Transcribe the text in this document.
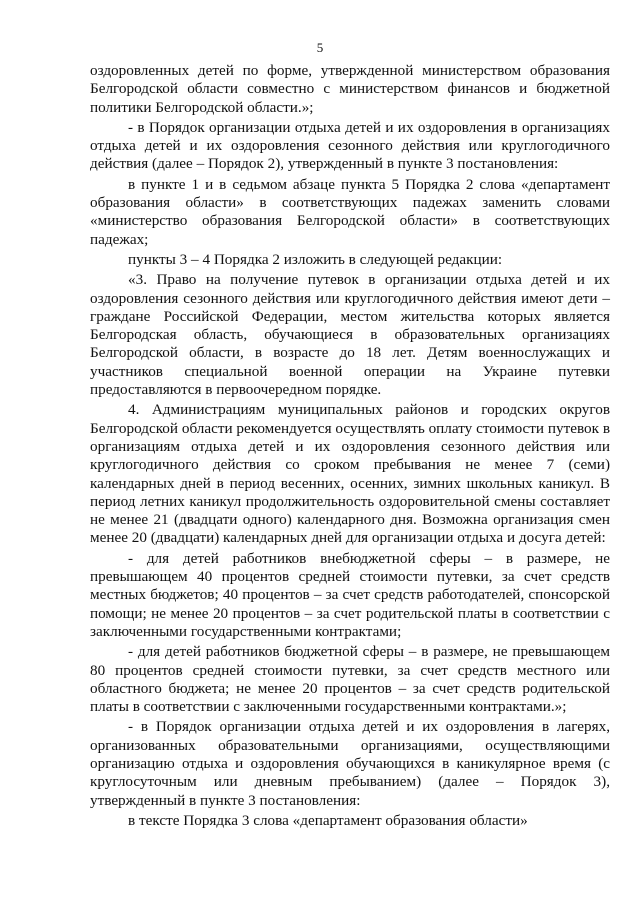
5

оздоровленных детей по форме, утвержденной министерством образования Белгородской области совместно с министерством финансов и бюджетной политики Белгородской области.»;

- в Порядок организации отдыха детей и их оздоровления в организациях отдыха детей и их оздоровления сезонного действия или круглогодичного действия (далее – Порядок 2), утвержденный в пункте 3 постановления:

в пункте 1 и в седьмом абзаце пункта 5 Порядка 2 слова «департамент образования области» в соответствующих падежах заменить словами «министерство образования Белгородской области» в соответствующих падежах;

пункты 3 – 4 Порядка 2 изложить в следующей редакции:

«3. Право на получение путевок в организации отдыха детей и их оздоровления сезонного действия или круглогодичного действия имеют дети – граждане Российской Федерации, местом жительства которых является Белгородская область, обучающиеся в образовательных организациях Белгородской области, в возрасте до 18 лет. Детям военнослужащих и участников специальной военной операции на Украине путевки предоставляются в первоочередном порядке.

4. Администрациям муниципальных районов и городских округов Белгородской области рекомендуется осуществлять оплату стоимости путевок в организациям отдыха детей и их оздоровления сезонного действия или круглогодичного действия со сроком пребывания не менее 7 (семи) календарных дней в период весенних, осенних, зимних школьных каникул. В период летних каникул продолжительность оздоровительной смены составляет не менее 21 (двадцати одного) календарного дня. Возможна организация смен менее 20 (двадцати) календарных дней для организации отдыха и досуга детей:

- для детей работников внебюджетной сферы – в размере, не превышающем 40 процентов средней стоимости путевки, за счет средств местных бюджетов; 40 процентов – за счет средств работодателей, спонсорской помощи; не менее 20 процентов – за счет родительской платы в соответствии с заключенными государственными контрактами;

- для детей работников бюджетной сферы – в размере, не превышающем 80 процентов средней стоимости путевки, за счет средств местного или областного бюджета; не менее 20 процентов – за счет средств родительской платы в соответствии с заключенными государственными контрактами.»;

- в Порядок организации отдыха детей и их оздоровления в лагерях, организованных образовательными организациями, осуществляющими организацию отдыха и оздоровления обучающихся в каникулярное время (с круглосуточным или дневным пребыванием) (далее – Порядок 3), утвержденный в пункте 3 постановления:

в тексте Порядка 3 слова «департамент образования области»
